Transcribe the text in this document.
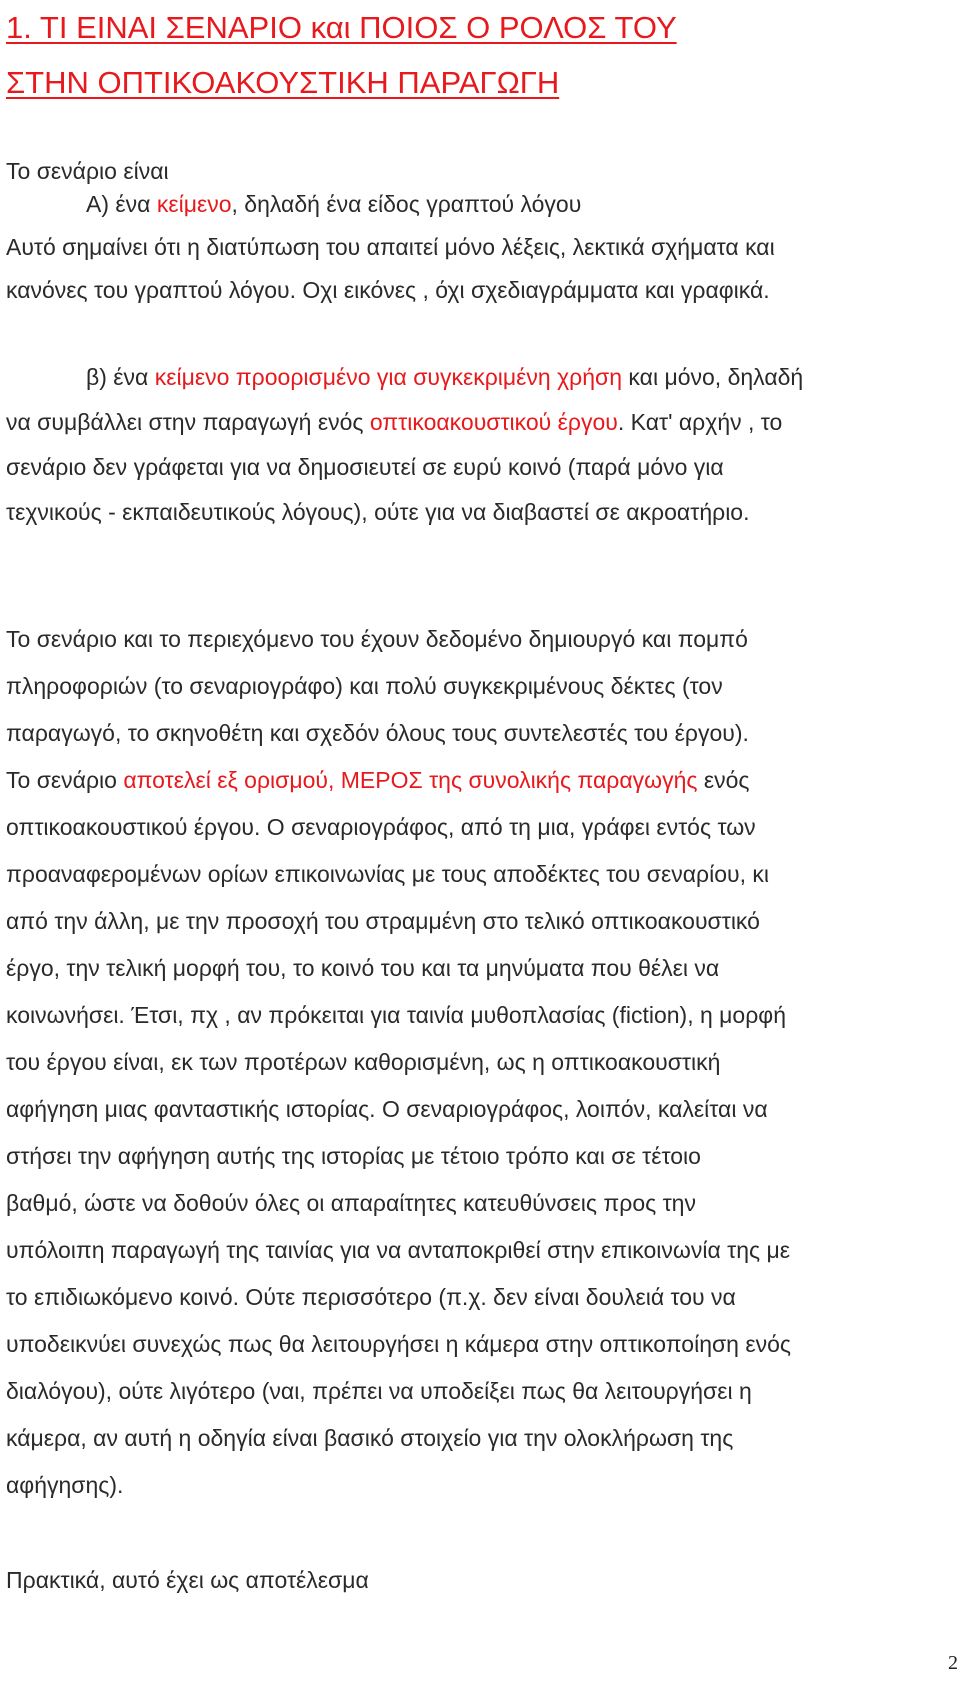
1. ΤΙ ΕΙΝΑΙ ΣΕΝΑΡΙΟ και ΠΟΙΟΣ Ο ΡΟΛΟΣ ΤΟΥ
ΣΤΗΝ ΟΠΤΙΚΟΑΚΟΥΣΤΙΚΗ ΠΑΡΑΓΩΓΗ

Το σενάριο είναι

Α) ένα κείμενο, δηλαδή ένα είδος γραπτού λόγου

Αυτό σημαίνει ότι η διατύπωση του απαιτεί μόνο λέξεις, λεκτικά σχήματα και

κανόνες του γραπτού λόγου. Οχι εικόνες , όχι σχεδιαγράμματα και γραφικά.

β) ένα κείμενο προορισμένο για συγκεκριμένη χρήση και μόνο, δηλαδή

να συμβάλλει στην παραγωγή ενός οπτικοακουστικού έργου. Κατ' αρχήν , το

σενάριο δεν γράφεται για να δημοσιευτεί σε ευρύ κοινό (παρά μόνο για

τεχνικούς - εκπαιδευτικούς λόγους), ούτε για να διαβαστεί σε ακροατήριο.

Το σενάριο και το περιεχόμενο του έχουν δεδομένο δημιουργό και πομπό

πληροφοριών (το σεναριογράφο) και πολύ συγκεκριμένους δέκτες (τον

παραγωγό, το σκηνοθέτη και σχεδόν όλους τους συντελεστές του έργου).

Το σενάριο αποτελεί εξ ορισμού, ΜΕΡΟΣ της συνολικής παραγωγής ενός

οπτικοακουστικού έργου. Ο σεναριογράφος, από τη μια, γράφει εντός των

προαναφερομένων ορίων επικοινωνίας με τους αποδέκτες του σεναρίου, κι

από την άλλη, με την προσοχή του στραμμένη στο τελικό οπτικοακουστικό

έργο, την τελική μορφή του, το κοινό του και τα μηνύματα που θέλει να

κοινωνήσει. Έτσι, πχ , αν πρόκειται για ταινία μυθοπλασίας (fiction), η μορφή

του έργου είναι, εκ των προτέρων καθορισμένη, ως η οπτικοακουστική

αφήγηση μιας φανταστικής ιστορίας. Ο σεναριογράφος, λοιπόν, καλείται να

στήσει την αφήγηση αυτής της ιστορίας με τέτοιο τρόπο και σε τέτοιο

βαθμό, ώστε να δοθούν όλες οι απαραίτητες κατευθύνσεις προς την

υπόλοιπη παραγωγή της ταινίας για να ανταποκριθεί στην επικοινωνία της με

το επιδιωκόμενο κοινό. Ούτε περισσότερο (π.χ. δεν είναι δουλειά του να

υποδεικνύει συνεχώς πως θα λειτουργήσει η κάμερα στην οπτικοποίηση ενός

διαλόγου), ούτε λιγότερο (ναι, πρέπει να υποδείξει πως θα λειτουργήσει η

κάμερα, αν αυτή η οδηγία είναι βασικό στοιχείο για την ολοκλήρωση της

αφήγησης).

Πρακτικά, αυτό έχει ως αποτέλεσμα

2
